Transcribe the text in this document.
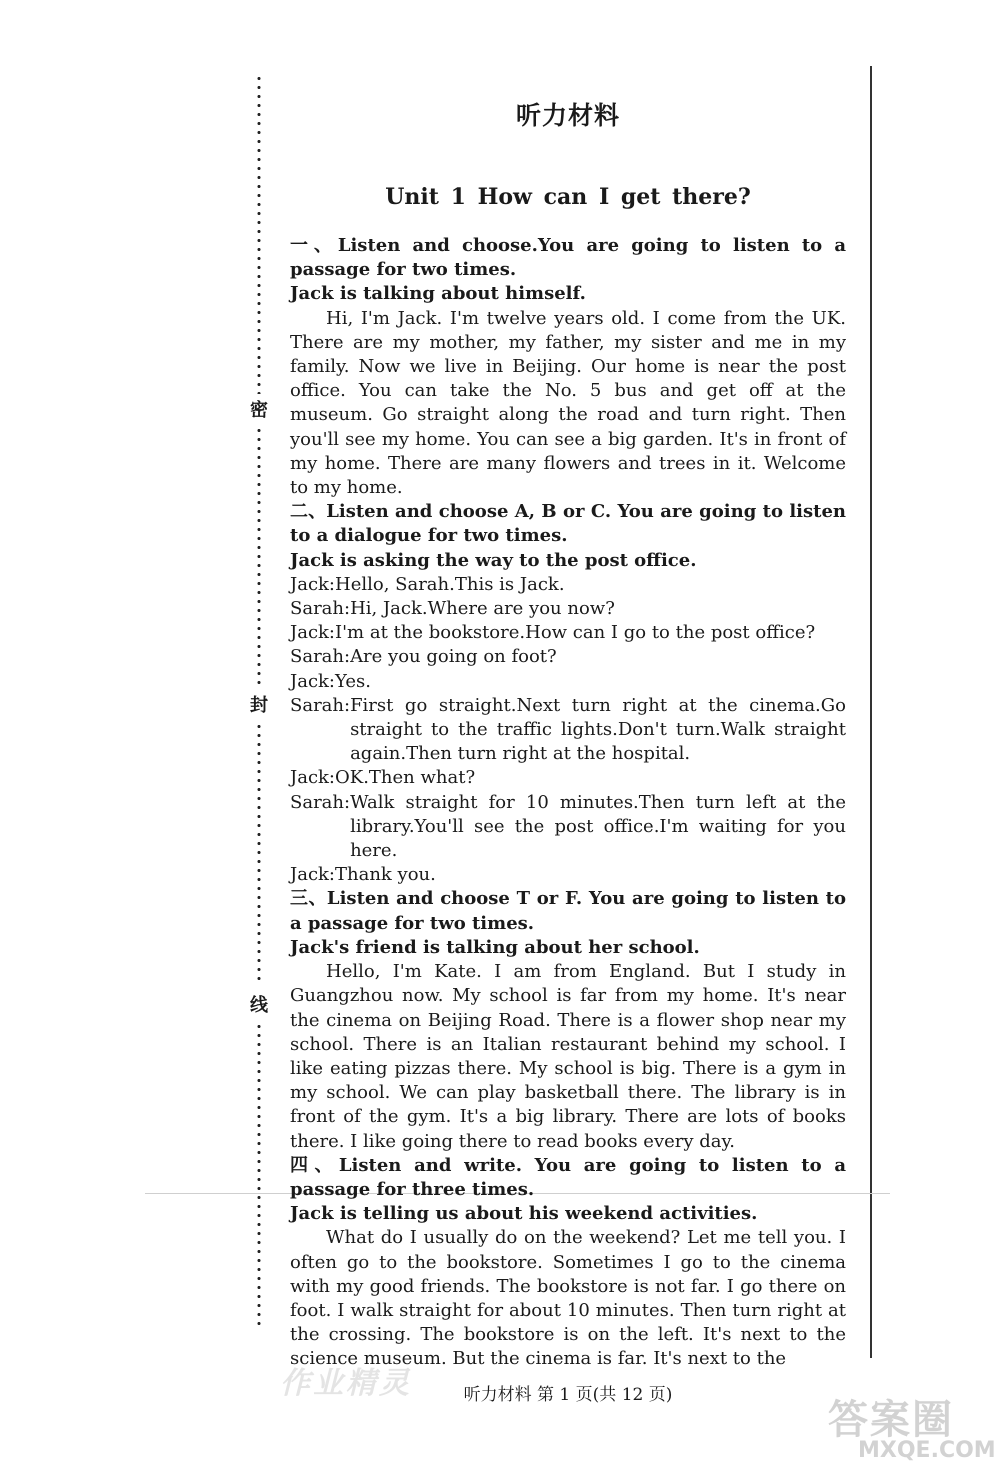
密
封
线
听力材料
Unit 1 How can I get there?

一、Listen and choose.You are going to listen to a passage for two times.

Jack is talking about himself.

Hi, I'm Jack. I'm twelve years old. I come from the UK. There are my mother, my father, my sister and me in my family. Now we live in Beijing. Our home is near the post office. You can take the No. 5 bus and get off at the museum. Go straight along the road and turn right. Then you'll see my home. You can see a big garden. It's in front of my home. There are many flowers and trees in it. Welcome to my home.

二、Listen and choose A, B or C. You are going to listen to a dialogue for two times.

Jack is asking the way to the post office.

Jack: Hello, Sarah.This is Jack.
Sarah: Hi, Jack.Where are you now?
Jack: I'm at the bookstore.How can I go to the post office?
Sarah: Are you going on foot?
Jack: Yes.
Sarah: First go straight.Next turn right at the cinema.Go straight to the traffic lights.Don't turn.Walk straight again.Then turn right at the hospital.
Jack: OK.Then what?
Sarah: Walk straight for 10 minutes.Then turn left at the library.You'll see the post office.I'm waiting for you here.
Jack: Thank you.

三、Listen and choose T or F. You are going to listen to a passage for two times.

Jack's friend is talking about her school.

Hello, I'm Kate. I am from England. But I study in Guangzhou now. My school is far from my home. It's near the cinema on Beijing Road. There is a flower shop near my school. There is an Italian restaurant behind my school. I like eating pizzas there. My school is big. There is a gym in my school. We can play basketball there. The library is in front of the gym. It's a big library. There are lots of books there. I like going there to read books every day.

四、Listen and write. You are going to listen to a passage for three times.

Jack is telling us about his weekend activities.

What do I usually do on the weekend? Let me tell you. I often go to the bookstore. Sometimes I go to the cinema with my good friends. The bookstore is not far. I go there on foot. I walk straight for about 10 minutes. Then turn right at the crossing. The bookstore is on the left. It's next to the science museum. But the cinema is far. It's next to the

作业精灵	听力材料 第 1 页(共 12 页)

答案圈
MXQE.COM
